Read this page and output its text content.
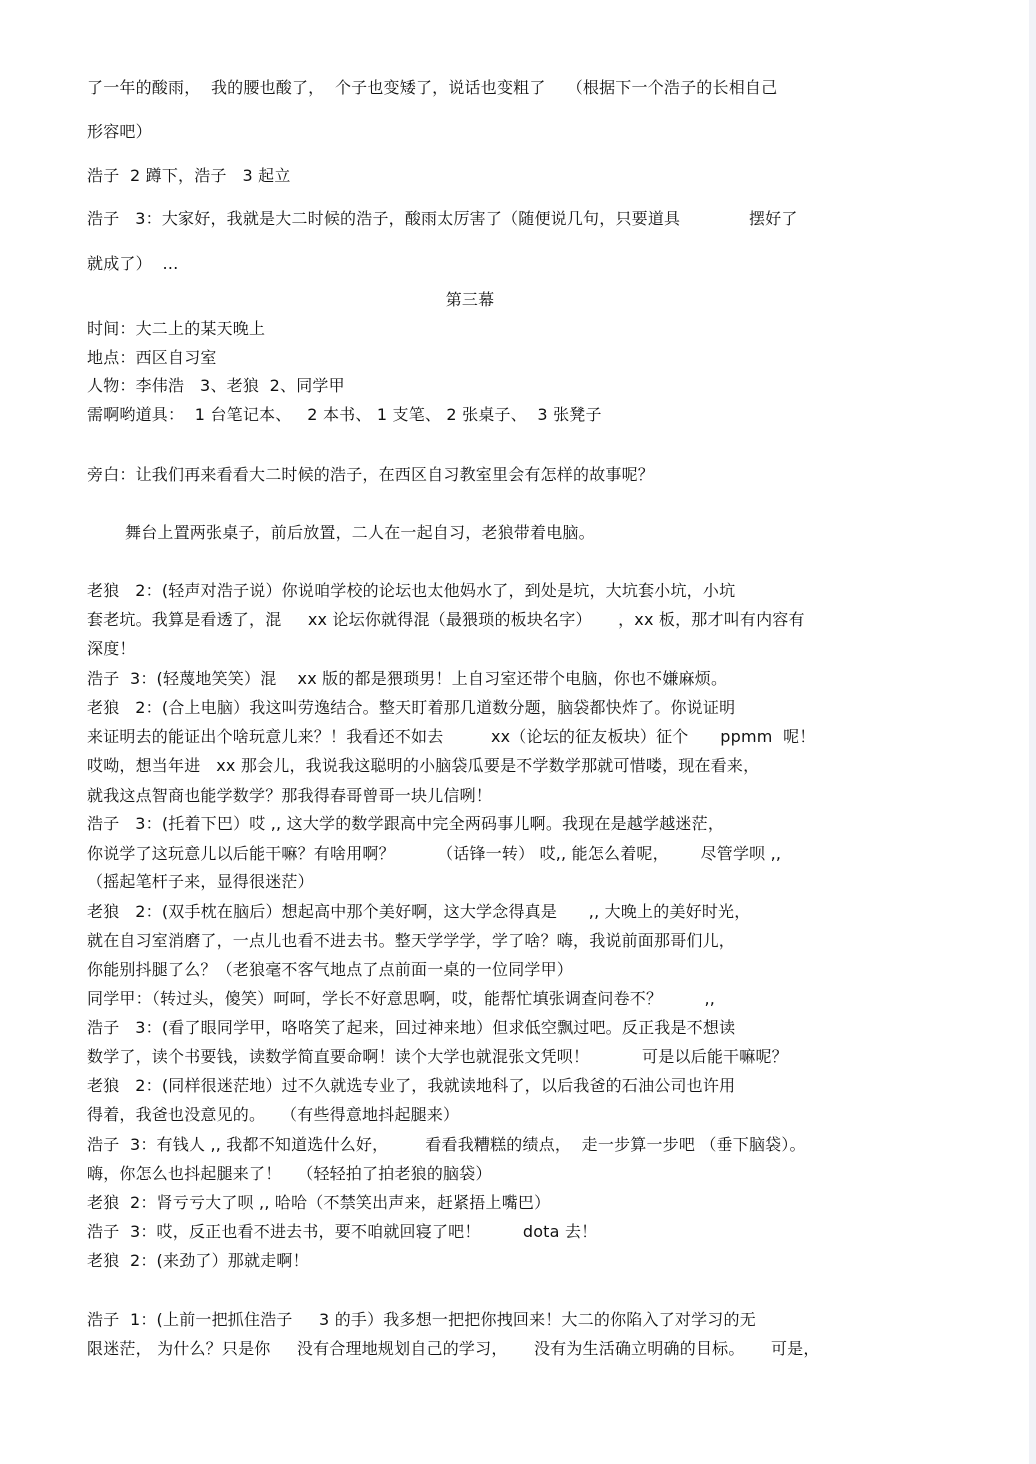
了一年的酸雨，  我的腰也酸了，  个子也变矮了，说话也变粗了    （根据下一个浩子的长相自己
形容吧）
浩子  2 蹲下，浩子   3 起立
浩子   3：大家好，我就是大二时候的浩子，酸雨太厉害了（随便说几句，只要道具             摆好了
就成了）  …
第三幕
时间：大二上的某天晚上
地点：西区自习室
人物：李伟浩   3、老狼  2、同学甲
需啊哟道具：  1 台笔记本、   2 本书、 1 支笔、 2 张桌子、  3 张凳子
旁白：让我们再来看看大二时候的浩子，在西区自习教室里会有怎样的故事呢？
舞台上置两张桌子，前后放置，二人在一起自习，老狼带着电脑。
老狼   2：(轻声对浩子说）你说咱学校的论坛也太他妈水了，到处是坑，大坑套小坑，小坑
套老坑。我算是看透了，混     xx 论坛你就得混（最猥琐的板块名字）     ，xx 板，那才叫有内容有
深度！
浩子  3：(轻蔑地笑笑）混    xx 版的都是猥琐男！上自习室还带个电脑，你也不嫌麻烦。
老狼   2：(合上电脑）我这叫劳逸结合。整天盯着那几道数分题，脑袋都快炸了。你说证明
来证明去的能证出个啥玩意儿来？！我看还不如去         xx（论坛的征友板块）征个      ppmm  呢！
哎呦，想当年进   xx 那会儿，我说我这聪明的小脑袋瓜要是不学数学那就可惜喽，现在看来，
就我这点智商也能学数学？那我得春哥曾哥一块儿信咧！
浩子   3：(托着下巴）哎 ,, 这大学的数学跟高中完全两码事儿啊。我现在是越学越迷茫，
你说学了这玩意儿以后能干嘛？有啥用啊？        （话锋一转） 哎,, 能怎么着呢，      尽管学呗 ,,
（摇起笔杆子来，显得很迷茫）
老狼   2：(双手枕在脑后）想起高中那个美好啊，这大学念得真是      ,, 大晚上的美好时光，
就在自习室消磨了，一点儿也看不进去书。整天学学学，学了啥？嗨，我说前面那哥们儿，
你能别抖腿了么？（老狼毫不客气地点了点前面一桌的一位同学甲）
同学甲：（转过头，傻笑）呵呵，学长不好意思啊，哎，能帮忙填张调查问卷不？        ,,
浩子   3：(看了眼同学甲，咯咯笑了起来，回过神来地）但求低空飘过吧。反正我是不想读
数学了，读个书要钱，读数学简直要命啊！读个大学也就混张文凭呗！          可是以后能干嘛呢？
老狼   2：(同样很迷茫地）过不久就选专业了，我就读地科了，以后我爸的石油公司也许用
得着，我爸也没意见的。   （有些得意地抖起腿来）
浩子  3：有钱人 ,, 我都不知道选什么好，       看看我糟糕的绩点，  走一步算一步吧 （垂下脑袋）。
嗨，你怎么也抖起腿来了！   （轻轻拍了拍老狼的脑袋）
老狼  2：肾亏亏大了呗 ,, 哈哈（不禁笑出声来，赶紧捂上嘴巴）
浩子  3：哎，反正也看不进去书，要不咱就回寝了吧！        dota 去！
老狼  2：(来劲了）那就走啊！
浩子  1：(上前一把抓住浩子     3 的手）我多想一把把你拽回来！大二的你陷入了对学习的无
限迷茫， 为什么？只是你     没有合理地规划自己的学习，     没有为生活确立明确的目标。     可是，
